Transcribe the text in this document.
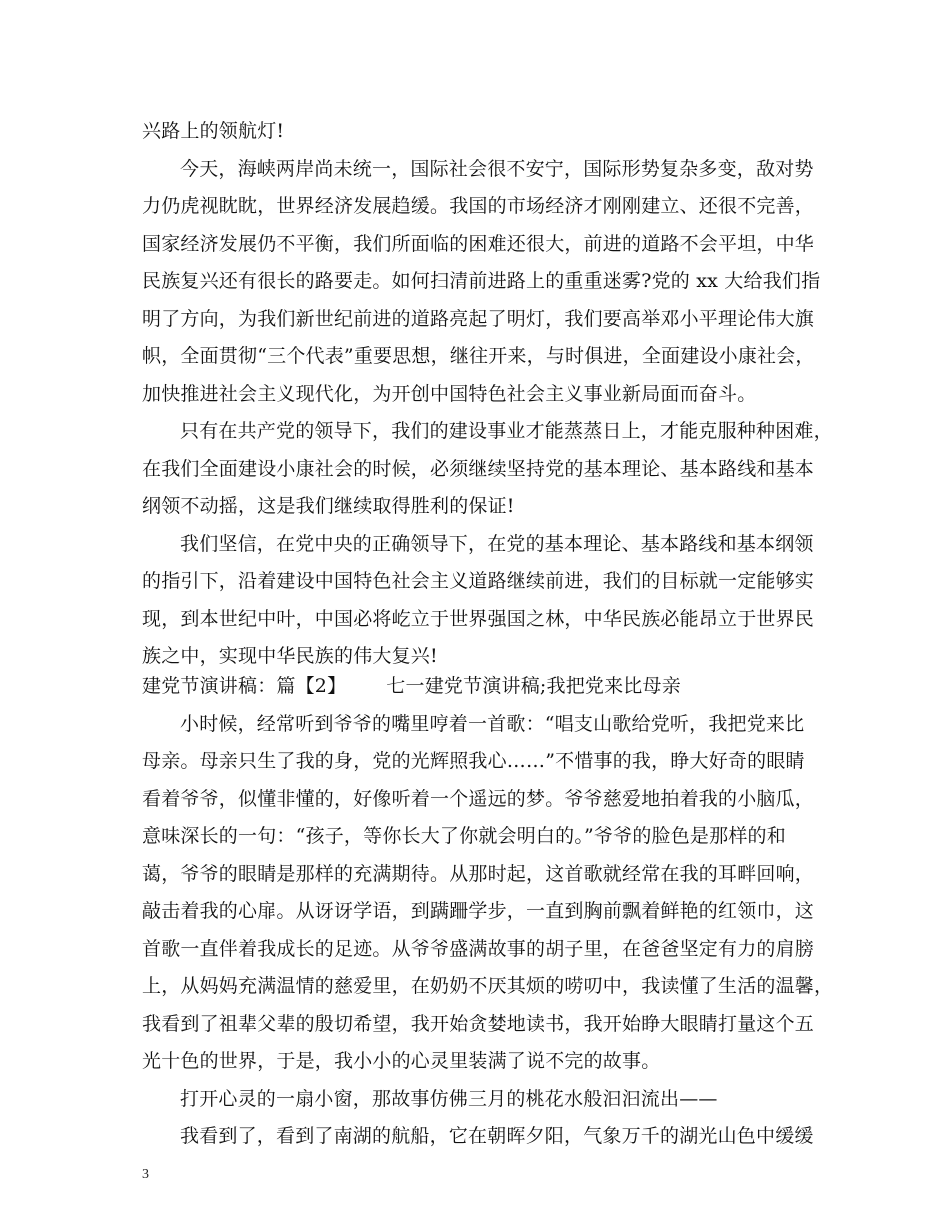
兴路上的领航灯!
今天，海峡两岸尚未统一，国际社会很不安宁，国际形势复杂多变，敌对势
力仍虎视眈眈，世界经济发展趋缓。我国的市场经济才刚刚建立、还很不完善，
国家经济发展仍不平衡，我们所面临的困难还很大，前进的道路不会平坦，中华
民族复兴还有很长的路要走。如何扫清前进路上的重重迷雾?党的 xx 大给我们指
明了方向，为我们新世纪前进的道路亮起了明灯，我们要高举邓小平理论伟大旗
帜，全面贯彻“三个代表”重要思想，继往开来，与时俱进，全面建设小康社会，
加快推进社会主义现代化，为开创中国特色社会主义事业新局面而奋斗。
只有在共产党的领导下，我们的建设事业才能蒸蒸日上，才能克服种种困难，
在我们全面建设小康社会的时候，必须继续坚持党的基本理论、基本路线和基本
纲领不动摇，这是我们继续取得胜利的保证!
我们坚信，在党中央的正确领导下，在党的基本理论、基本路线和基本纲领
的指引下，沿着建设中国特色社会主义道路继续前进，我们的目标就一定能够实
现，到本世纪中叶，中国必将屹立于世界强国之林，中华民族必能昂立于世界民
族之中，实现中华民族的伟大复兴!
建党节演讲稿：篇【2】 七一建党节演讲稿;我把党来比母亲
小时候，经常听到爷爷的嘴里哼着一首歌：“唱支山歌给党听，我把党来比
母亲。母亲只生了我的身，党的光辉照我心……”不惜事的我，睁大好奇的眼睛
看着爷爷，似懂非懂的，好像听着一个遥远的梦。爷爷慈爱地拍着我的小脑瓜，
意味深长的一句：“孩子，等你长大了你就会明白的。”爷爷的脸色是那样的和
蔼，爷爷的眼睛是那样的充满期待。从那时起，这首歌就经常在我的耳畔回响，
敲击着我的心扉。从讶讶学语，到蹒跚学步，一直到胸前飘着鲜艳的红领巾，这
首歌一直伴着我成长的足迹。从爷爷盛满故事的胡子里，在爸爸坚定有力的肩膀
上，从妈妈充满温情的慈爱里，在奶奶不厌其烦的唠叨中，我读懂了生活的温馨，
我看到了祖辈父辈的殷切希望，我开始贪婪地读书，我开始睁大眼睛打量这个五
光十色的世界，于是，我小小的心灵里装满了说不完的故事。
打开心灵的一扇小窗，那故事仿佛三月的桃花水般汩汩流出——
我看到了，看到了南湖的航船，它在朝晖夕阳，气象万千的湖光山色中缓缓
3
